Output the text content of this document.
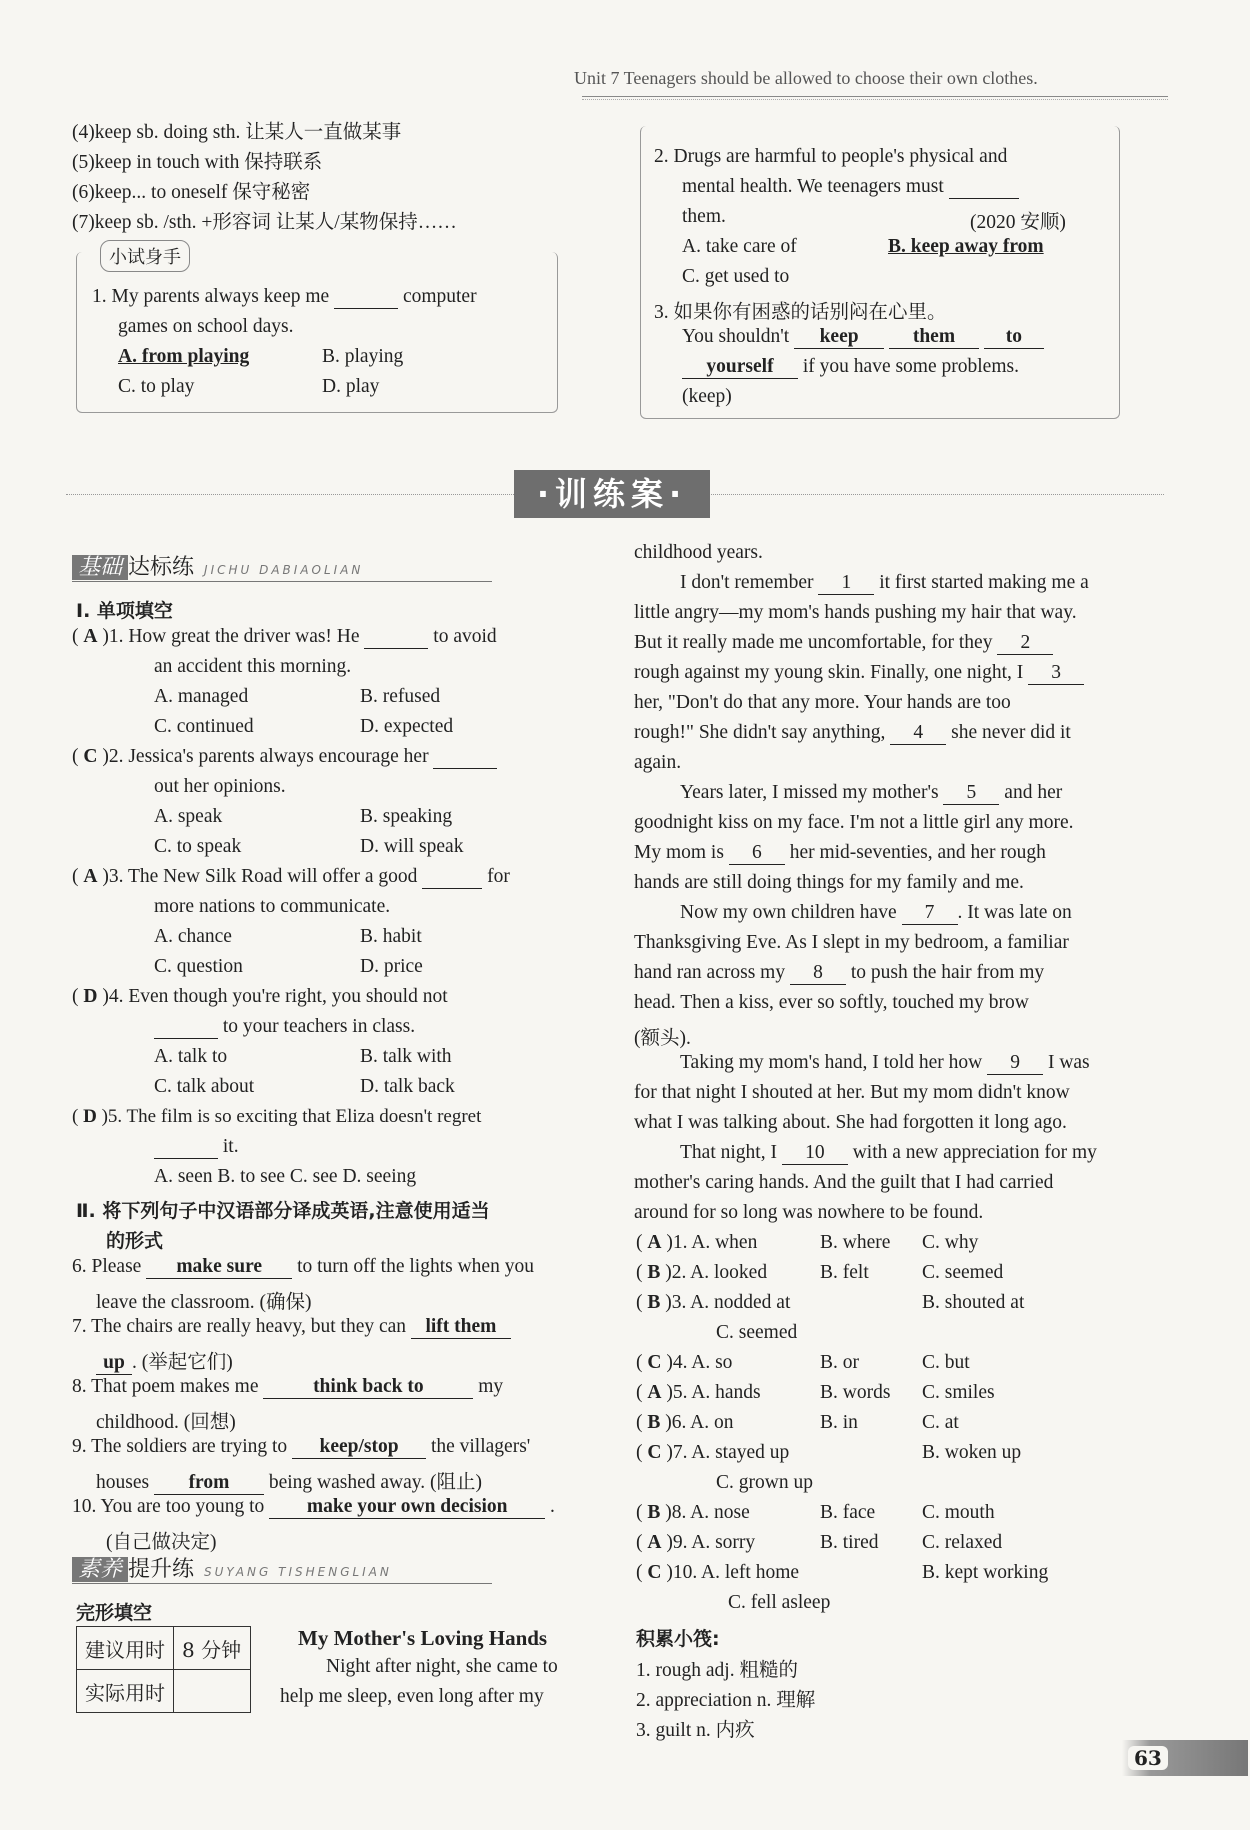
Unit 7 Teenagers should be allowed to choose their own clothes.
(4)keep sb. doing sth. 让某人一直做某事
(5)keep in touch with 保持联系
(6)keep... to oneself 保守秘密
(7)keep sb. /sth. +形容词 让某人/某物保持……
小试身手
1. My parents always keep me	computer
games on school days.
A. from playing	B. playing
C. to play	D. play
2. Drugs are harmful to people's physical and
mental health. We teenagers must
them.	(2020 安顺)
A. take care of	B. keep away from
C. get used to
3. 如果你有困惑的话别闷在心里。
You shouldn't keep	them	to
yourself if you have some problems.
(keep)
·训练案·
基础 达标练 JICHU DABIAOLIAN
Ⅰ. 单项填空
( A )1. How great the driver was! He	to avoid
an accident this morning.
A. managed	B. refused
C. continued	D. expected
( C )2. Jessica's parents always encourage her
out her opinions.
A. speak	B. speaking
C. to speak	D. will speak
( A )3. The New Silk Road will offer a good	for
more nations to communicate.
A. chance	B. habit
C. question	D. price
( D )4. Even though you're right, you should not
to your teachers in class.
A. talk to	B. talk with
C. talk about	D. talk back
( D )5. The film is so exciting that Eliza doesn't regret
it.
A. seen B. to see C. see D. seeing
Ⅱ. 将下列句子中汉语部分译成英语,注意使用适当
的形式
6. Please make sure to turn off the lights when you
leave the classroom. (确保)
7. The chairs are really heavy, but they can lift them
up . (举起它们)
8. That poem makes me	think back to	my
childhood. (回想)
9. The soldiers are trying to keep/stop the villagers'
houses from being washed away. (阻止)
10. You are too young to make your own decision .
(自己做决定)
素养 提升练 SUYANG TISHENGLIAN
完形填空
建议用时	8 分钟
实际用时	
My Mother's Loving Hands
Night after night, she came to
help me sleep, even long after my
childhood years.
I don't remember 1 it first started making me a
little angry—my mom's hands pushing my hair that way.
But it really made me uncomfortable, for they 2
rough against my young skin. Finally, one night, I 3
her, "Don't do that any more. Your hands are too
rough!" She didn't say anything, 4 she never did it
again.
Years later, I missed my mother's 5 and her
goodnight kiss on my face. I'm not a little girl any more.
My mom is 6 her mid-seventies, and her rough
hands are still doing things for my family and me.
Now my own children have 7 . It was late on
Thanksgiving Eve. As I slept in my bedroom, a familiar
hand ran across my 8 to push the hair from my
head. Then a kiss, ever so softly, touched my brow
(额头).
Taking my mom's hand, I told her how 9 I was
for that night I shouted at her. But my mom didn't know
what I was talking about. She had forgotten it long ago.
That night, I 10 with a new appreciation for my
mother's caring hands. And the guilt that I had carried
around for so long was nowhere to be found.
( A )1. A. when	B. where C. why
( B )2. A. looked	B. felt	C. seemed
( B )3. A. nodded at	B. shouted at
C. seemed
( C )4. A. so	B. or	C. but
( A )5. A. hands	B. words C. smiles
( B )6. A. on	B. in	C. at
( C )7. A. stayed up	B. woken up
C. grown up
( B )8. A. nose	B. face C. mouth
( A )9. A. sorry	B. tired C. relaxed
( C )10. A. left home	B. kept working
C. fell asleep
积累小筏:
1. rough adj. 粗糙的
2. appreciation n. 理解
3. guilt n. 内疚
63
